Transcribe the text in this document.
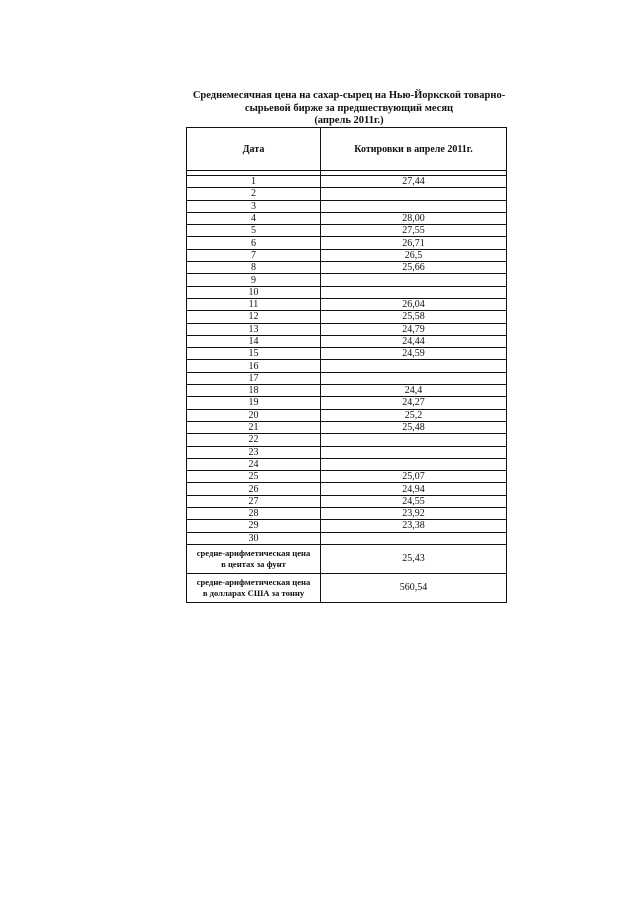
Среднемесячная цена на сахар-сырец на Нью-Йоркской товарно-
сырьевой бирже за предшествующий месяц
(апрель 2011г.)
Дата	Котировки в апреле 2011г.

1	27,44
2	
3	
4	28,00
5	27,55
6	26,71
7	26,5
8	25,66
9	
10	
11	26,04
12	25,58
13	24,79
14	24,44
15	24,59
16	
17	
18	24,4
19	24,27
20	25,2
21	25,48
22	
23	
24	
25	25,07
26	24,94
27	24,55
28	23,92
29	23,38
30	
средне-арифметическая цена
в центах за фунт	25,43
средне-арифметическая цена
в долларах США за тонну	560,54
